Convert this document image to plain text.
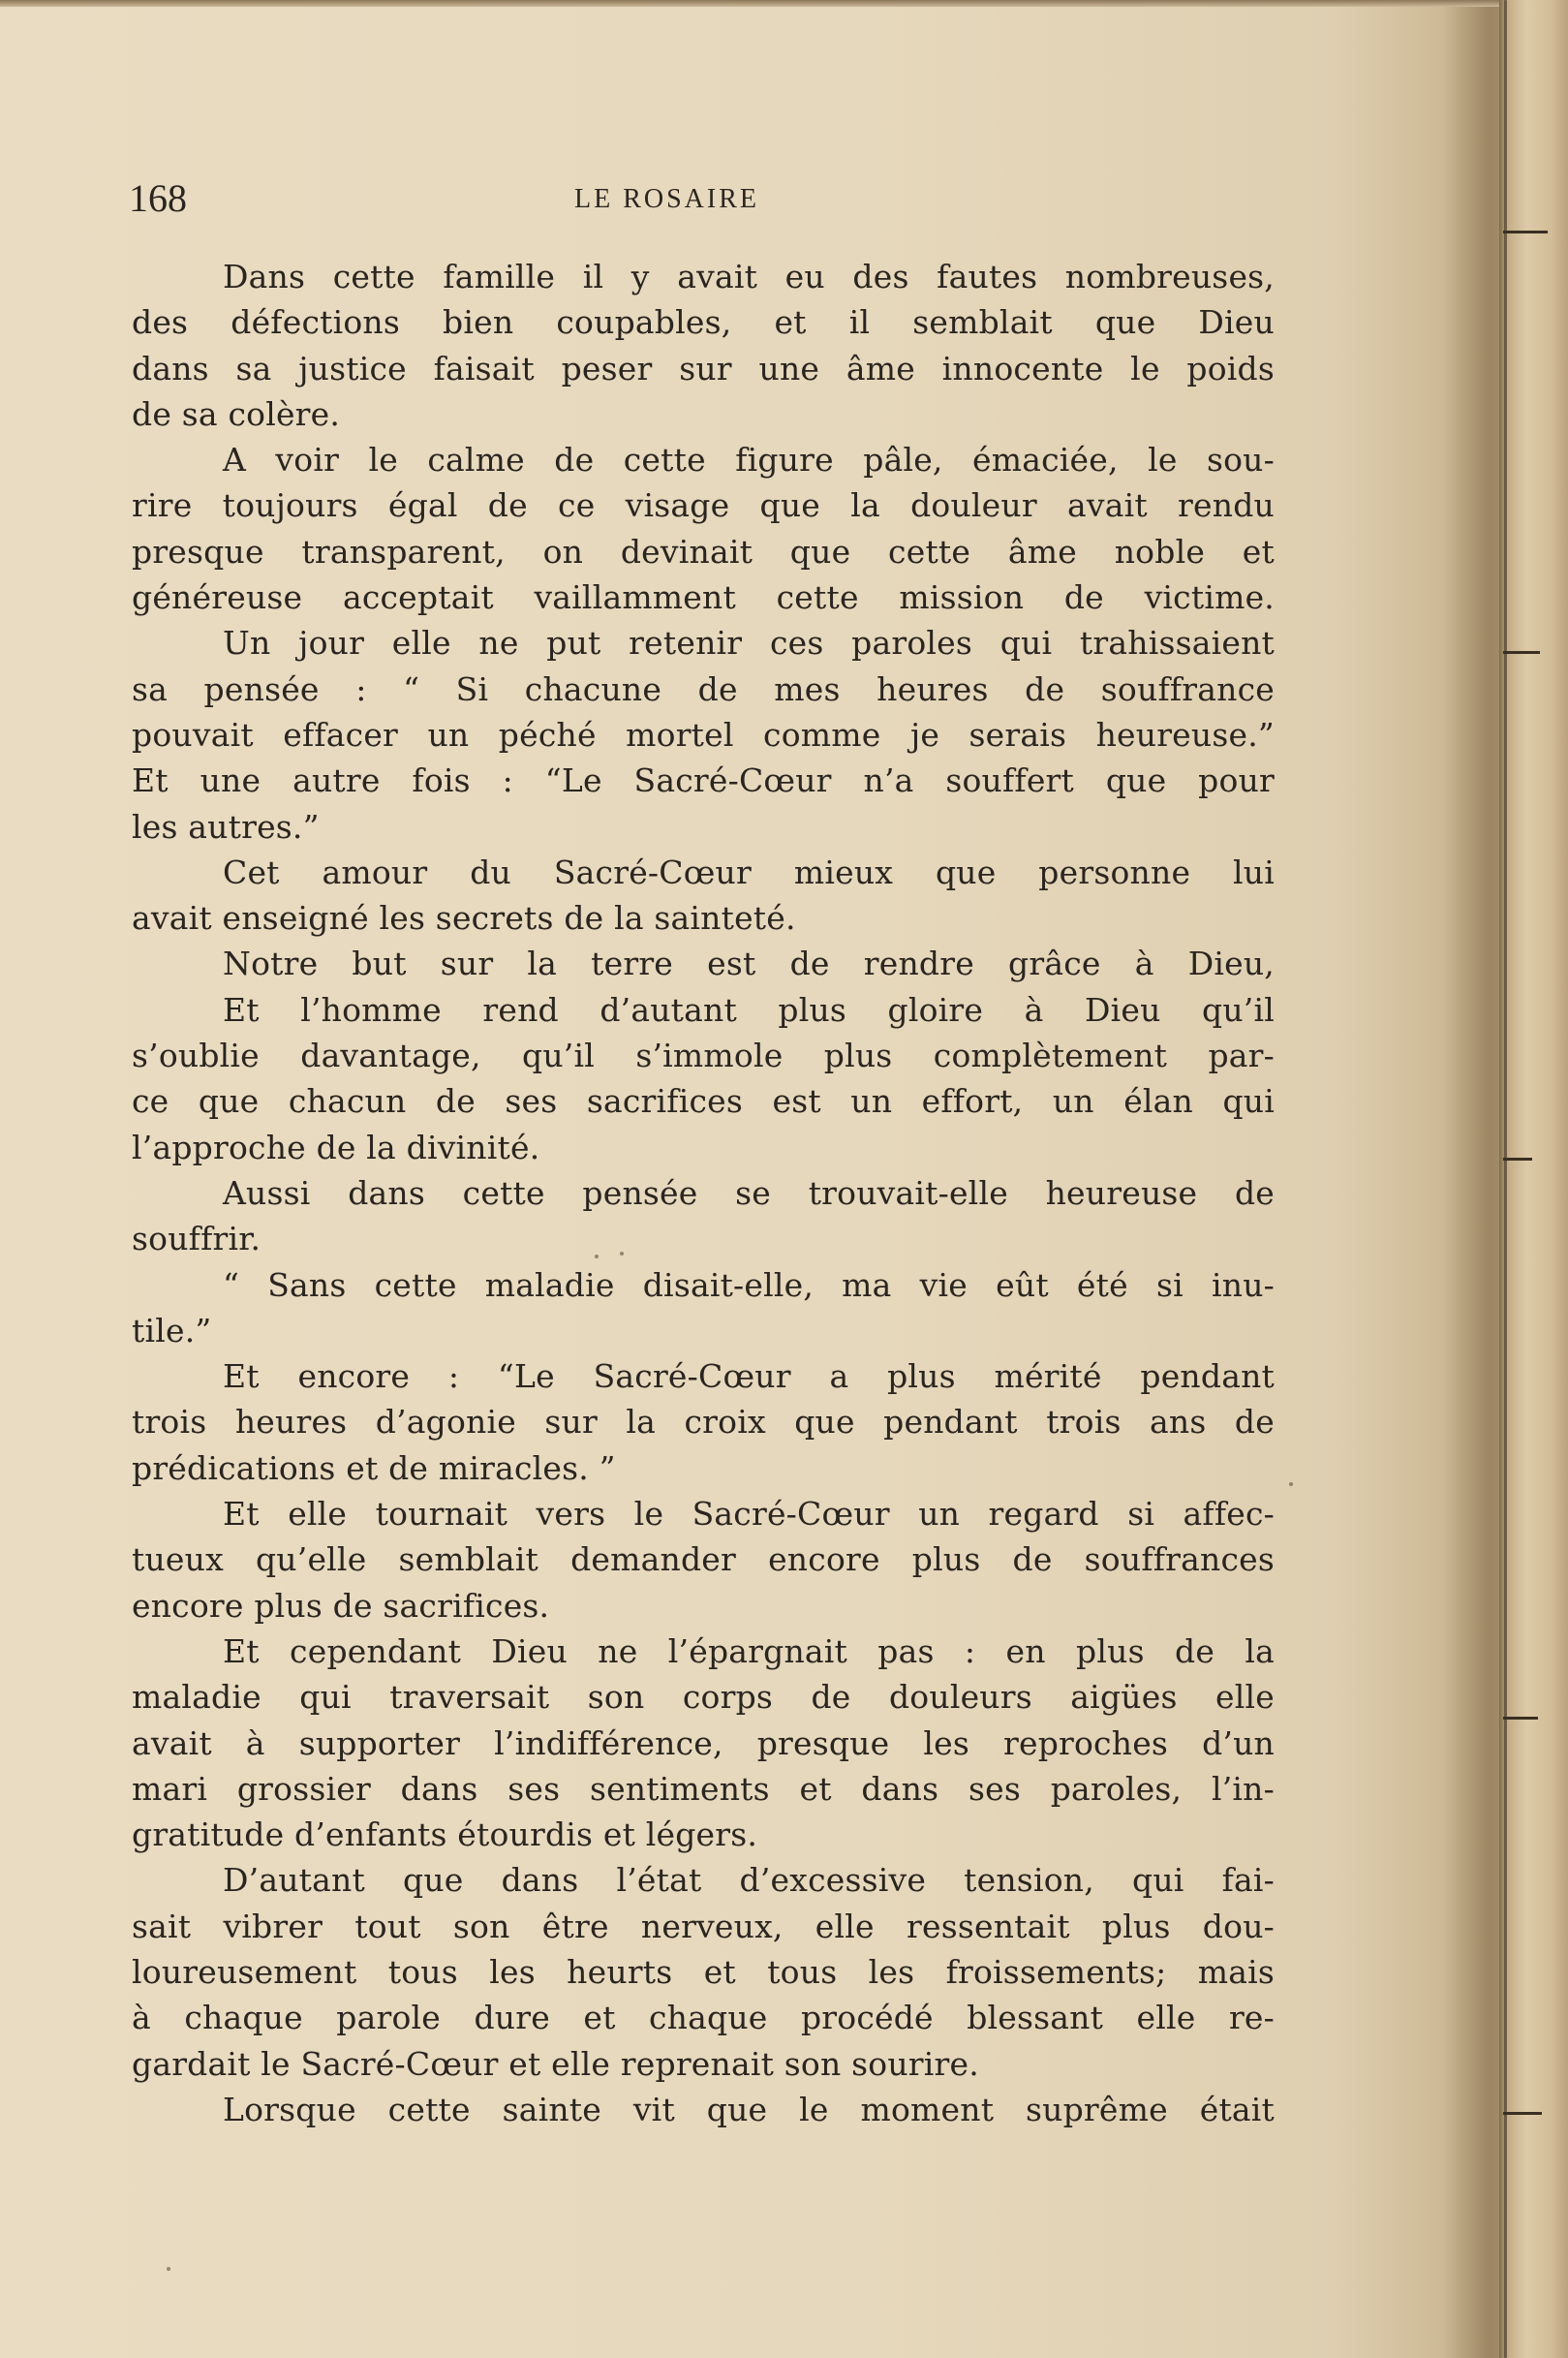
168	LE ROSAIRE
Dans cette famille il y avait eu des fautes nombreuses,
des défections bien coupables, et il semblait que Dieu
dans sa justice faisait peser sur une âme innocente le poids
de sa colère.
A voir le calme de cette figure pâle, émaciée, le sou-
rire toujours égal de ce visage que la douleur avait rendu
presque transparent, on devinait que cette âme noble et
généreuse acceptait vaillamment cette mission de victime.
Un jour elle ne put retenir ces paroles qui trahissaient
sa pensée : “ Si chacune de mes heures de souffrance
pouvait effacer un péché mortel comme je serais heureuse.”
Et une autre fois : “Le Sacré-Cœur n’a souffert que pour
les autres.”
Cet amour du Sacré-Cœur mieux que personne lui
avait enseigné les secrets de la sainteté.
Notre but sur la terre est de rendre grâce à Dieu,
Et l’homme rend d’autant plus gloire à Dieu qu’il
s’oublie davantage, qu’il s’immole plus complètement par-
ce que chacun de ses sacrifices est un effort, un élan qui
l’approche de la divinité.
Aussi dans cette pensée se trouvait-elle heureuse de
souffrir.
“ Sans cette maladie disait-elle, ma vie eût été si inu-
tile.”
Et encore : “Le Sacré-Cœur a plus mérité pendant
trois heures d’agonie sur la croix que pendant trois ans de
prédications et de miracles. ”
Et elle tournait vers le Sacré-Cœur un regard si affec-
tueux qu’elle semblait demander encore plus de souffrances
encore plus de sacrifices.
Et cependant Dieu ne l’épargnait pas : en plus de la
maladie qui traversait son corps de douleurs aigües elle
avait à supporter l’indifférence, presque les reproches d’un
mari grossier dans ses sentiments et dans ses paroles, l’in-
gratitude d’enfants étourdis et légers.
D’autant que dans l’état d’excessive tension, qui fai-
sait vibrer tout son être nerveux, elle ressentait plus dou-
loureusement tous les heurts et tous les froissements; mais
à chaque parole dure et chaque procédé blessant elle re-
gardait le Sacré-Cœur et elle reprenait son sourire.
Lorsque cette sainte vit que le moment suprême était
